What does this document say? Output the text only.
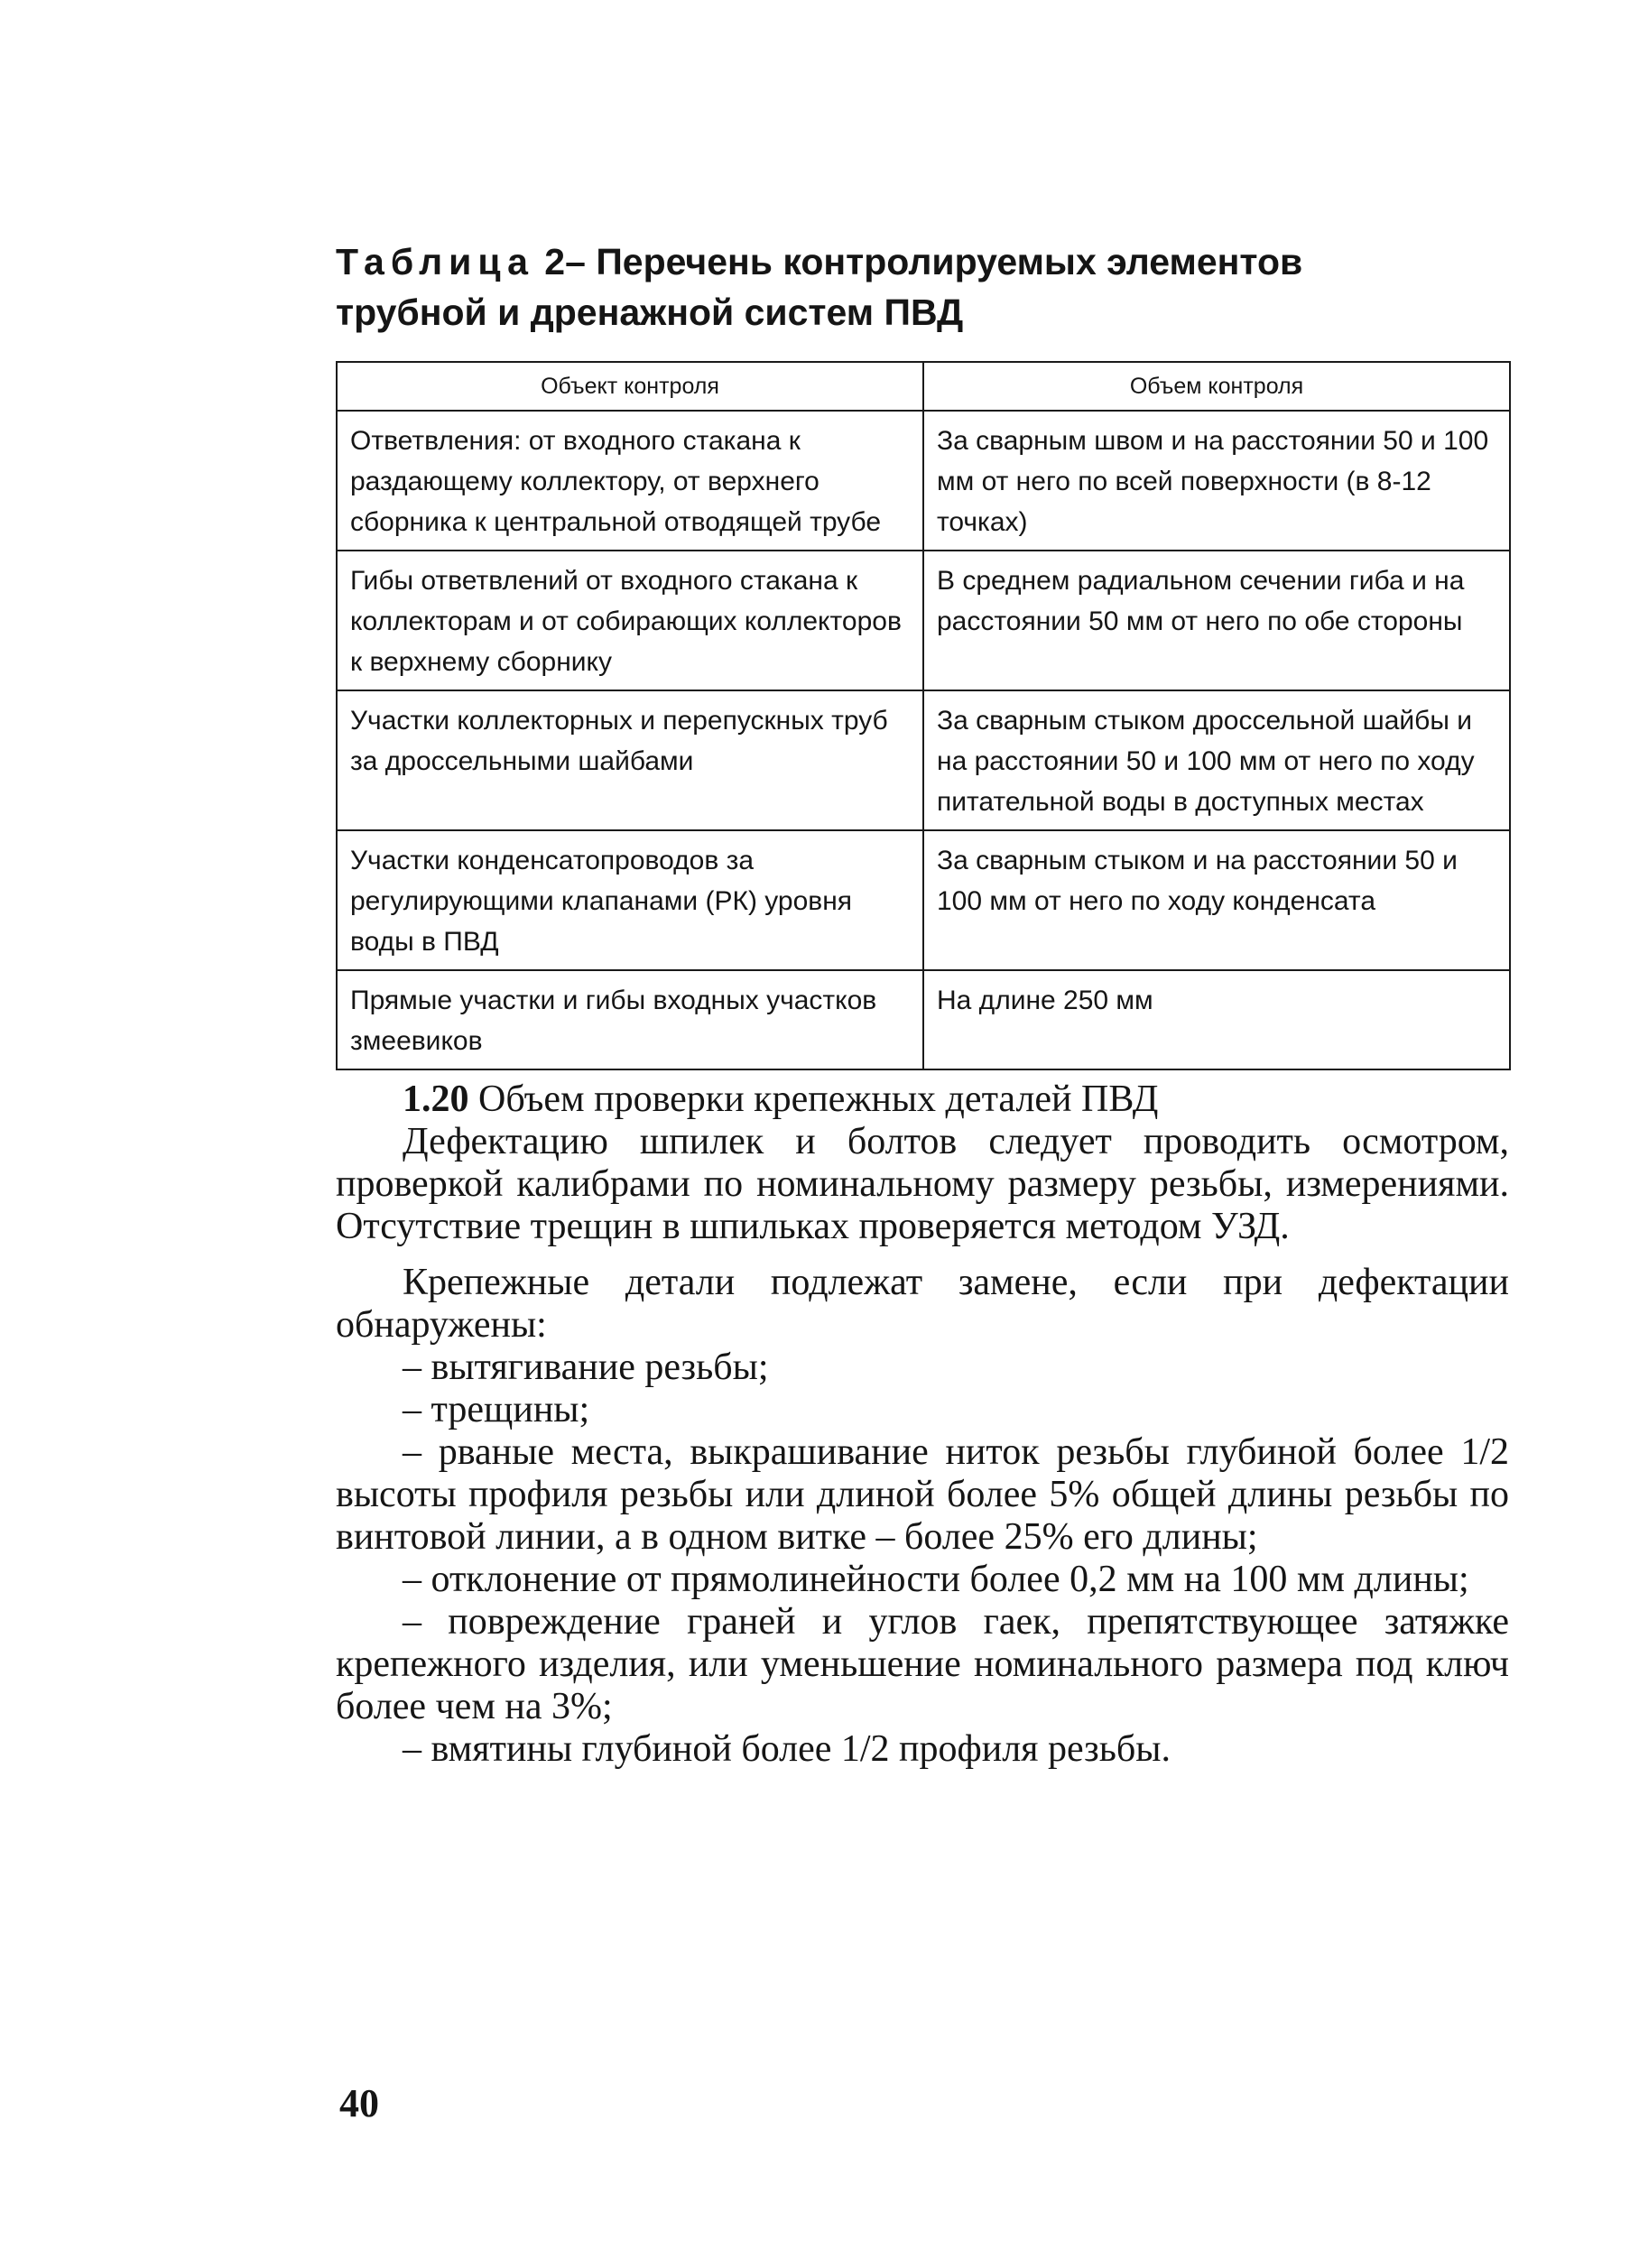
Таблица 2– Перечень контролируемых элементов
трубной и дренажной систем ПВД
Объект контроля	Объем контроля
Ответвления: от входного стакана к раздающему коллектору, от верхнего сборника к центральной отводящей трубе	За сварным швом и на расстоянии 50 и 100 мм от него по всей поверхности (в 8-12 точках)
Гибы ответвлений от входного стакана к коллекторам и от собирающих коллекторов к верхнему сборнику	В среднем радиальном сечении гиба и на расстоянии 50 мм от него по обе стороны
Участки коллекторных и перепускных труб за дроссельными шайбами	За сварным стыком дроссельной шайбы и на расстоянии 50 и 100 мм от него по ходу питательной воды в доступных местах
Участки конденсатопроводов за регулирующими клапанами (РК) уровня воды в ПВД	За сварным стыком и на расстоянии 50 и 100 мм от него по ходу конденсата
Прямые участки и гибы входных участков змеевиков	На длине 250 мм

1.20 Объем проверки крепежных деталей ПВД

Дефектацию шпилек и болтов следует проводить осмотром, проверкой калибрами по номинальному размеру резьбы, измерениями. Отсутствие трещин в шпильках проверяется методом УЗД.

Крепежные детали подлежат замене, если при дефектации обнаружены:

– вытягивание резьбы;

– трещины;

– рваные места, выкрашивание ниток резьбы глубиной более 1/2 высоты профиля резьбы или длиной более 5% общей длины резьбы по винтовой линии, а в одном витке – более 25% его длины;

– отклонение от прямолинейности более 0,2 мм на 100 мм длины;

– повреждение граней и углов гаек, препятствующее затяжке крепежного изделия, или уменьшение номинального размера под ключ более чем на 3%;

– вмятины глубиной более 1/2 профиля резьбы.

40
